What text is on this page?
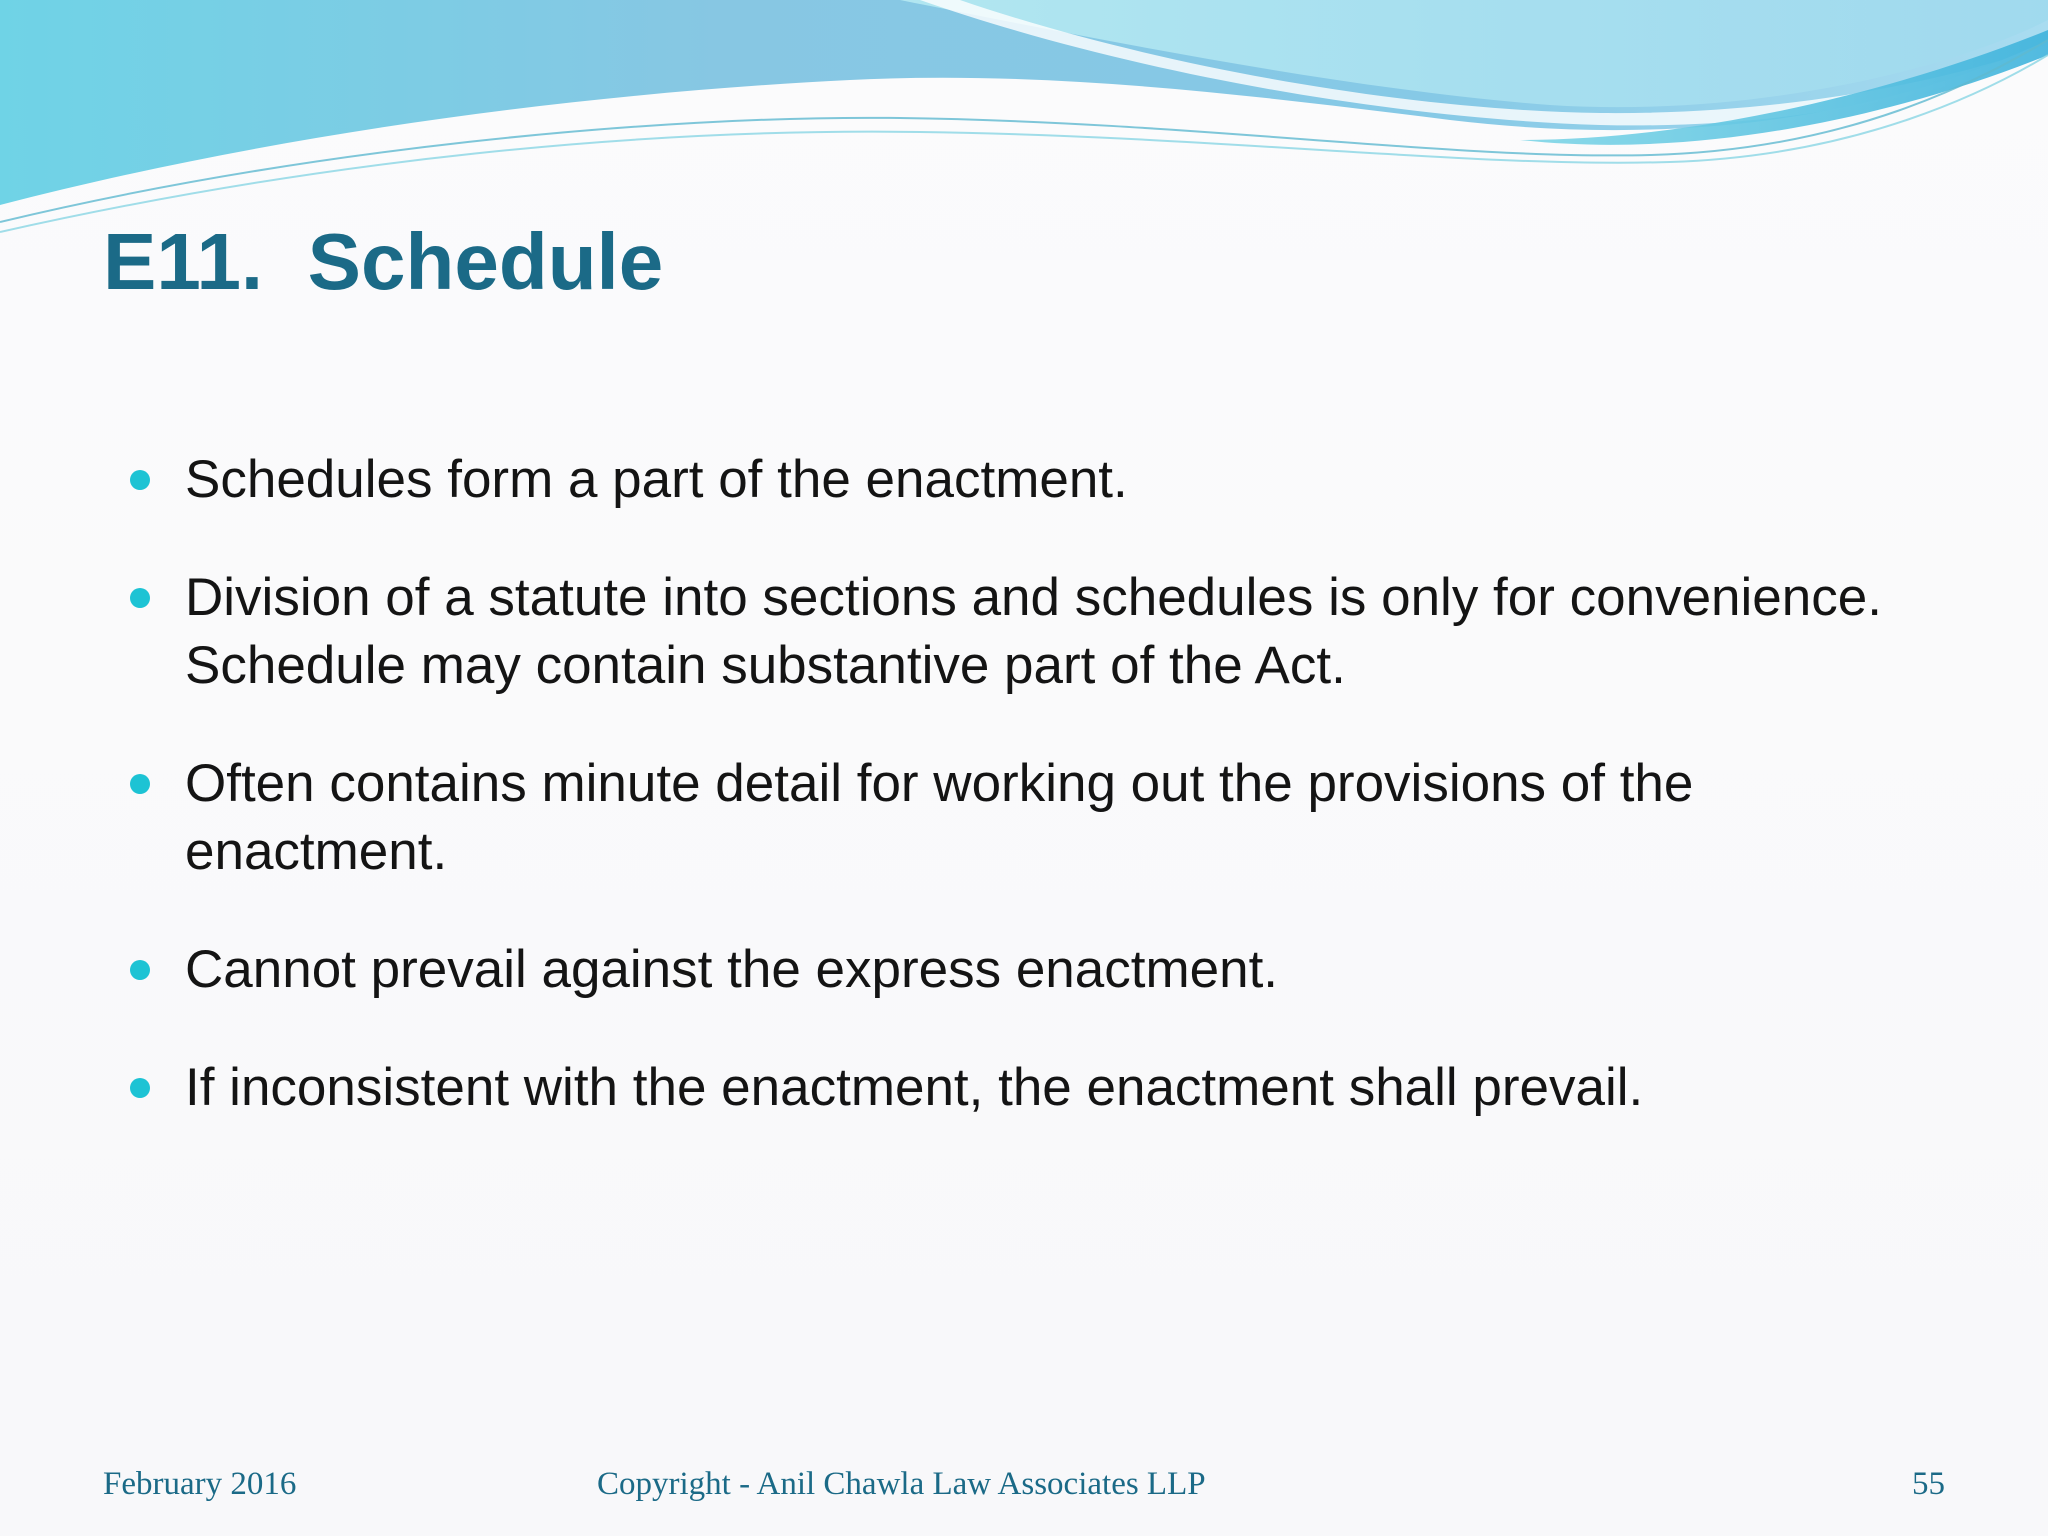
E11.  Schedule
Schedules form a part of the enactment.
Division of a statute into sections and schedules is only for convenience. Schedule may contain substantive part of the Act.
Often contains minute detail for working out the provisions of the enactment.
Cannot prevail against the express enactment.
If inconsistent with the enactment, the enactment shall prevail.
February 2016	Copyright - Anil Chawla Law Associates LLP	55
